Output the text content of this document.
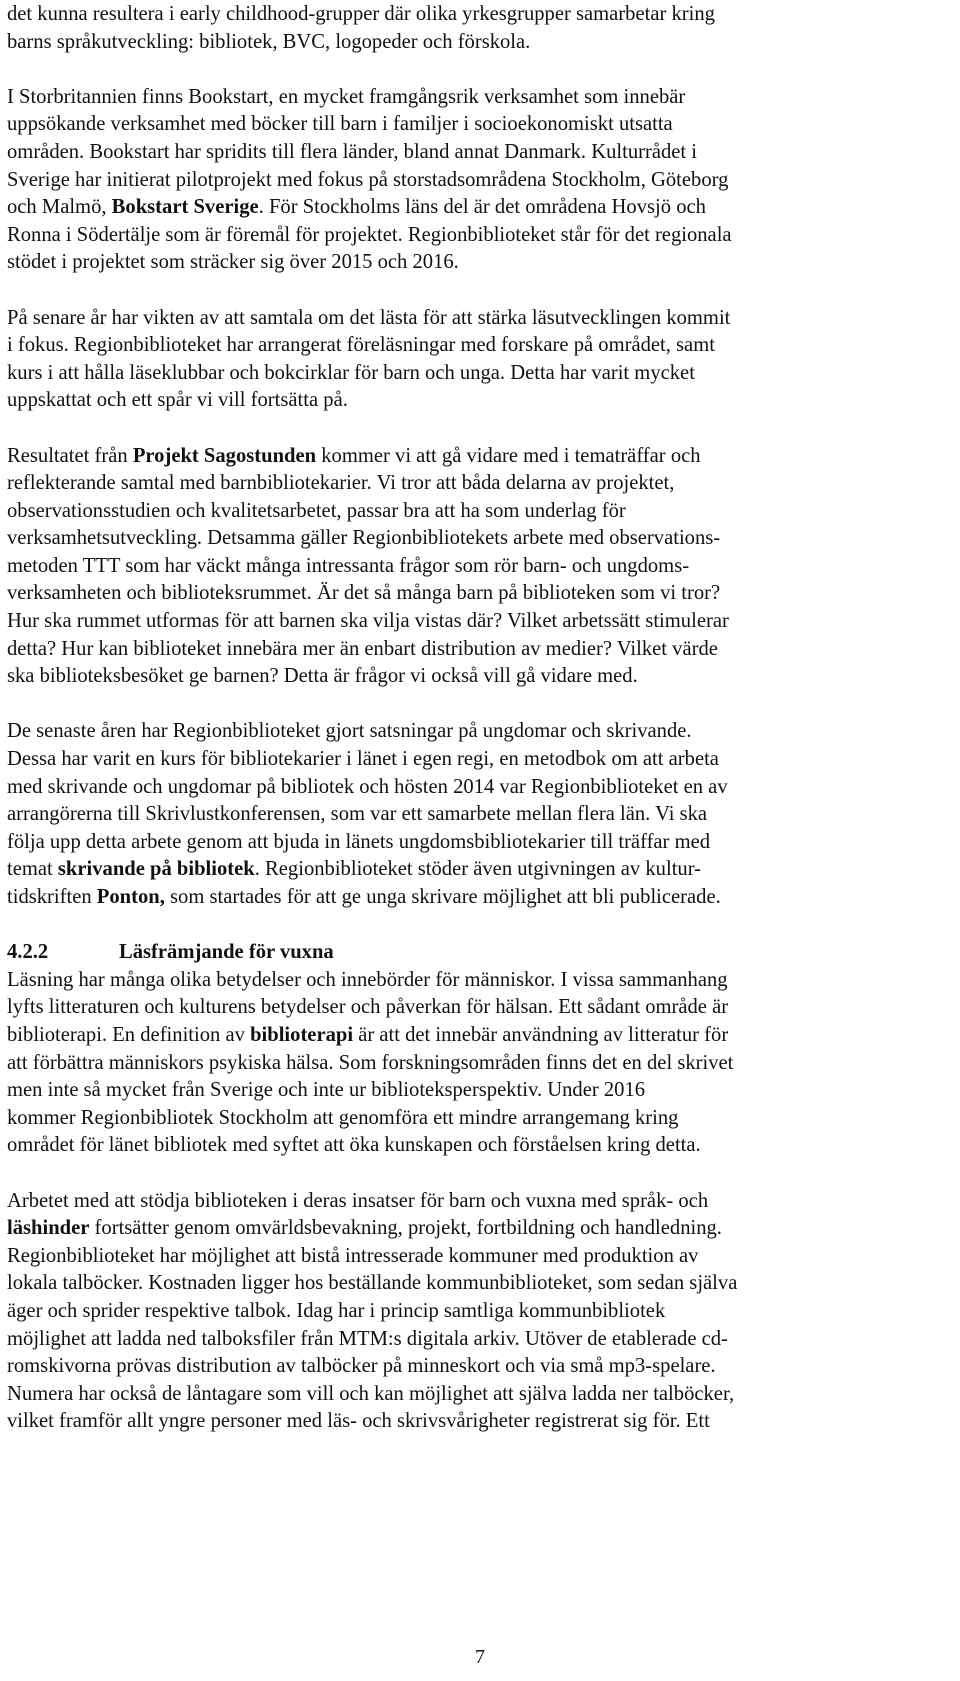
det kunna resultera i early childhood-grupper där olika yrkesgrupper samarbetar kring
barns språkutveckling: bibliotek, BVC, logopeder och förskola.
I Storbritannien finns Bookstart, en mycket framgångsrik verksamhet som innebär
uppsökande verksamhet med böcker till barn i familjer i socioekonomiskt utsatta
områden. Bookstart har spridits till flera länder, bland annat Danmark. Kulturrådet i
Sverige har initierat pilotprojekt med fokus på storstadsområdena Stockholm, Göteborg
och Malmö, Bokstart Sverige. För Stockholms läns del är det områdena Hovsjö och
Ronna i Södertälje som är föremål för projektet. Regionbiblioteket står för det regionala
stödet i projektet som sträcker sig över 2015 och 2016.
På senare år har vikten av att samtala om det lästa för att stärka läsutvecklingen kommit
i fokus. Regionbiblioteket har arrangerat föreläsningar med forskare på området, samt
kurs i att hålla läseklubbar och bokcirklar för barn och unga. Detta har varit mycket
uppskattat och ett spår vi vill fortsätta på.
Resultatet från Projekt Sagostunden kommer vi att gå vidare med i tematräffar och
reflekterande samtal med barnbibliotekarier. Vi tror att båda delarna av projektet,
observationsstudien och kvalitetsarbetet, passar bra att ha som underlag för
verksamhetsutveckling. Detsamma gäller Regionbibliotekets arbete med observations-
metoden TTT som har väckt många intressanta frågor som rör barn- och ungdoms-
verksamheten och biblioteksrummet. Är det så många barn på biblioteken som vi tror?
Hur ska rummet utformas för att barnen ska vilja vistas där? Vilket arbetssätt stimulerar
detta? Hur kan biblioteket innebära mer än enbart distribution av medier? Vilket värde
ska biblioteksbesöket ge barnen? Detta är frågor vi också vill gå vidare med.
De senaste åren har Regionbiblioteket gjort satsningar på ungdomar och skrivande.
Dessa har varit en kurs för bibliotekarier i länet i egen regi, en metodbok om att arbeta
med skrivande och ungdomar på bibliotek och hösten 2014 var Regionbiblioteket en av
arrangörerna till Skrivlustkonferensen, som var ett samarbete mellan flera län. Vi ska
följa upp detta arbete genom att bjuda in länets ungdomsbibliotekarier till träffar med
temat skrivande på bibliotek. Regionbiblioteket stöder även utgivningen av kultur-
tidskriften Ponton, som startades för att ge unga skrivare möjlighet att bli publicerade.
4.2.2	Läsfrämjande för vuxna
Läsning har många olika betydelser och innebörder för människor. I vissa sammanhang
lyfts litteraturen och kulturens betydelser och påverkan för hälsan. Ett sådant område är
biblioterapi. En definition av biblioterapi är att det innebär användning av litteratur för
att förbättra människors psykiska hälsa. Som forskningsområden finns det en del skrivet
men inte så mycket från Sverige och inte ur biblioteksperspektiv. Under 2016
kommer Regionbibliotek Stockholm att genomföra ett mindre arrangemang kring
området för länet bibliotek med syftet att öka kunskapen och förståelsen kring detta.
Arbetet med att stödja biblioteken i deras insatser för barn och vuxna med språk- och
läshinder fortsätter genom omvärldsbevakning, projekt, fortbildning och handledning.
Regionbiblioteket har möjlighet att bistå intresserade kommuner med produktion av
lokala talböcker. Kostnaden ligger hos beställande kommunbiblioteket, som sedan själva
äger och sprider respektive talbok. Idag har i princip samtliga kommunbibliotek
möjlighet att ladda ned talboksfiler från MTM:s digitala arkiv. Utöver de etablerade cd-
romskivorna prövas distribution av talböcker på minneskort och via små mp3-spelare.
Numera har också de låntagare som vill och kan möjlighet att själva ladda ner talböcker,
vilket framför allt yngre personer med läs- och skrivsvårigheter registrerat sig för. Ett
7
